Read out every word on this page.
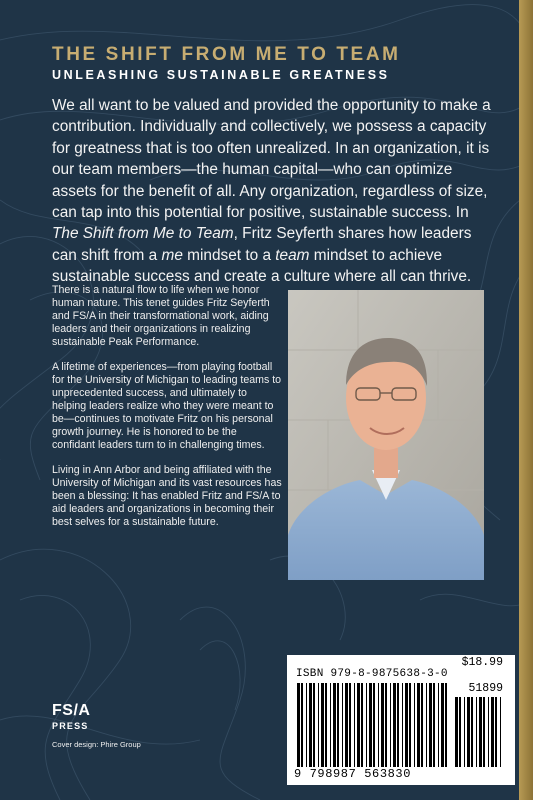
THE SHIFT FROM ME TO TEAM
UNLEASHING SUSTAINABLE GREATNESS

We all want to be valued and provided the opportunity to make a contribution. Individually and collectively, we possess a capacity for greatness that is too often unrealized. In an organization, it is our team members—the human capital—who can optimize assets for the benefit of all. Any organization, regardless of size, can tap into this potential for positive, sustainable success. In The Shift from Me to Team, Fritz Seyferth shares how leaders can shift from a me mindset to a team mindset to achieve sustainable success and create a culture where all can thrive.

There is a natural flow to life when we honor human nature. This tenet guides Fritz Seyferth and FS/A in their transformational work, aiding leaders and their organizations in realizing sustainable Peak Performance.

A lifetime of experiences—from playing football for the University of Michigan to leading teams to unprecedented success, and ultimately to helping leaders realize who they were meant to be—continues to motivate Fritz on his personal growth journey. He is honored to be the confidant leaders turn to in challenging times.

Living in Ann Arbor and being affiliated with the University of Michigan and its vast resources has been a blessing: It has enabled Fritz and FS/A to aid leaders and organizations in becoming their best selves for a sustainable future.

$18.99
ISBN 979-8-9875638-3-0
51899
9 798987 563830
FS/A
PRESS
Cover design: Phire Group
